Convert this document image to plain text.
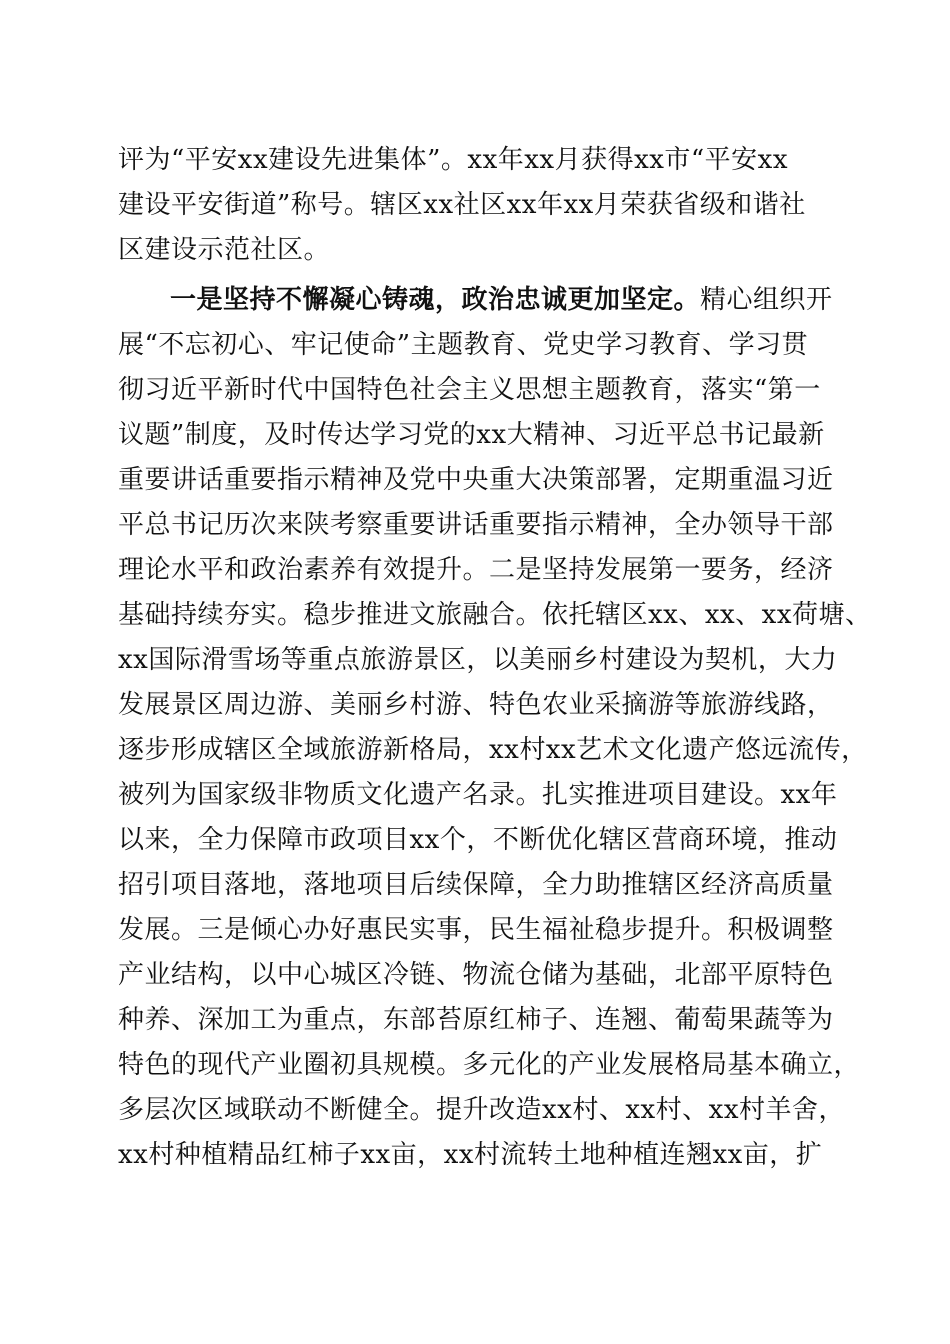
评为“平安xx建设先进集体”。xx年xx月获得xx市“平安xx
建设平安街道”称号。辖区xx社区xx年xx月荣获省级和谐社
区建设示范社区。
一是坚持不懈凝心铸魂，政治忠诚更加坚定。精心组织开
展“不忘初心、牢记使命”主题教育、党史学习教育、学习贯
彻习近平新时代中国特色社会主义思想主题教育，落实“第一
议题”制度，及时传达学习党的xx大精神、习近平总书记最新
重要讲话重要指示精神及党中央重大决策部署，定期重温习近
平总书记历次来陕考察重要讲话重要指示精神，全办领导干部
理论水平和政治素养有效提升。二是坚持发展第一要务，经济
基础持续夯实。稳步推进文旅融合。依托辖区xx、xx、xx荷塘、
xx国际滑雪场等重点旅游景区，以美丽乡村建设为契机，大力
发展景区周边游、美丽乡村游、特色农业采摘游等旅游线路，
逐步形成辖区全域旅游新格局，xx村xx艺术文化遗产悠远流传，
被列为国家级非物质文化遗产名录。扎实推进项目建设。xx年
以来，全力保障市政项目xx个，不断优化辖区营商环境，推动
招引项目落地，落地项目后续保障，全力助推辖区经济高质量
发展。三是倾心办好惠民实事，民生福祉稳步提升。积极调整
产业结构，以中心城区冷链、物流仓储为基础，北部平原特色
种养、深加工为重点，东部苔原红柿子、连翘、葡萄果蔬等为
特色的现代产业圈初具规模。多元化的产业发展格局基本确立，
多层次区域联动不断健全。提升改造xx村、xx村、xx村羊舍，
xx村种植精品红柿子xx亩，xx村流转土地种植连翘xx亩，扩
